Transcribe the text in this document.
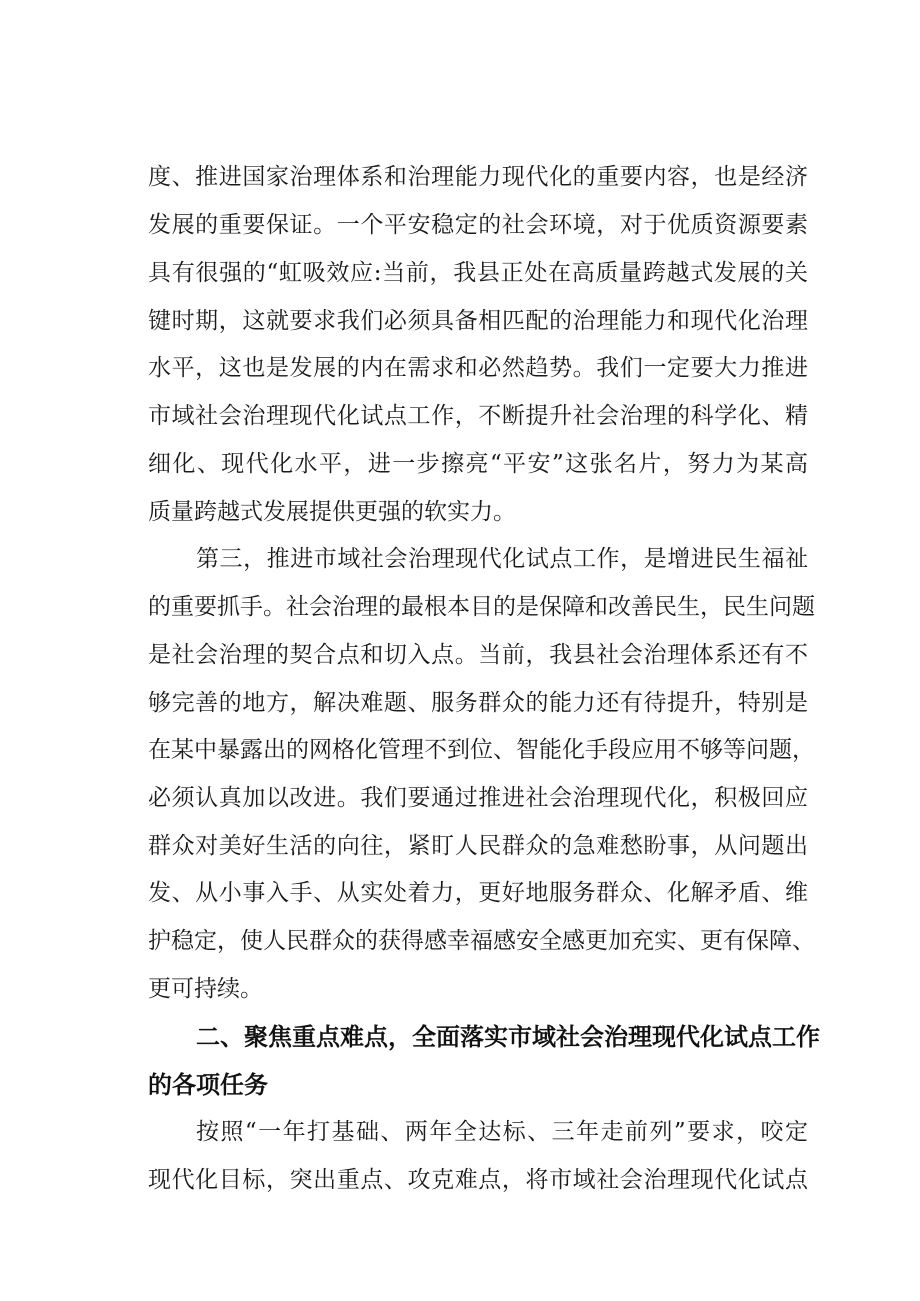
度、推进国家治理体系和治理能力现代化的重要内容，也是经济
发展的重要保证。一个平安稳定的社会环境，对于优质资源要素
具有很强的“虹吸效应:当前，我县正处在高质量跨越式发展的关
键时期，这就要求我们必须具备相匹配的治理能力和现代化治理
水平，这也是发展的内在需求和必然趋势。我们一定要大力推进
市域社会治理现代化试点工作，不断提升社会治理的科学化、精
细化、现代化水平，进一步擦亮“平安”这张名片，努力为某高
质量跨越式发展提供更强的软实力。
第三，推进市域社会治理现代化试点工作，是增进民生福祉
的重要抓手。社会治理的最根本目的是保障和改善民生，民生问题
是社会治理的契合点和切入点。当前，我县社会治理体系还有不
够完善的地方，解决难题、服务群众的能力还有待提升，特别是
在某中暴露出的网格化管理不到位、智能化手段应用不够等问题，
必须认真加以改进。我们要通过推进社会治理现代化，积极回应
群众对美好生活的向往，紧盯人民群众的急难愁盼事，从问题出
发、从小事入手、从实处着力，更好地服务群众、化解矛盾、维
护稳定，使人民群众的获得感幸福感安全感更加充实、更有保障、
更可持续。
二、聚焦重点难点，全面落实市域社会治理现代化试点工作
的各项任务
按照“一年打基础、两年全达标、三年走前列”要求，咬定
现代化目标，突出重点、攻克难点，将市域社会治理现代化试点
